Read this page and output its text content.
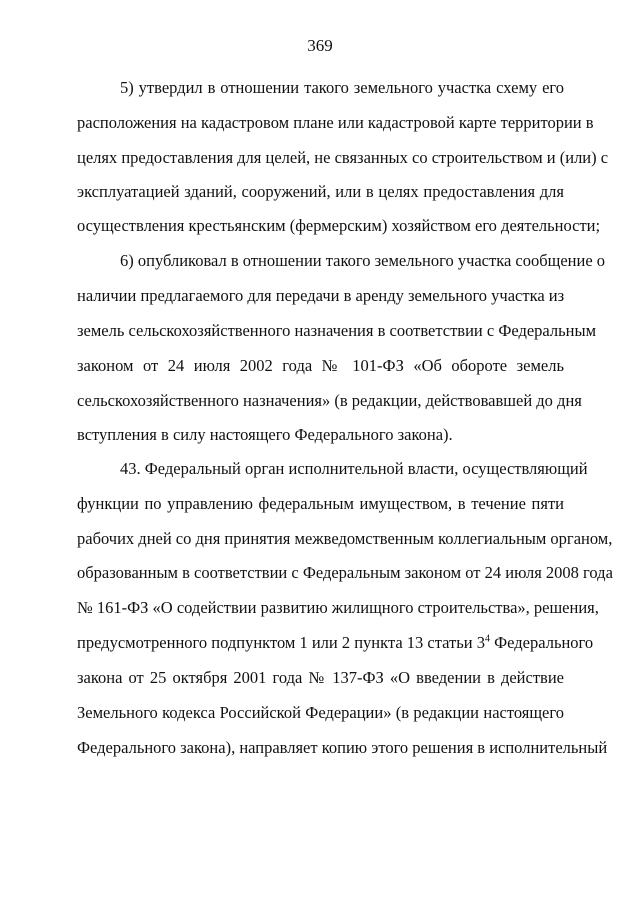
369
5) утвердил в отношении такого земельного участка схему его
расположения на кадастровом плане или кадастровой карте территории в
целях предоставления для целей, не связанных со строительством и (или) с
эксплуатацией зданий, сооружений, или в целях предоставления для
осуществления крестьянским (фермерским) хозяйством его деятельности;
6) опубликовал в отношении такого земельного участка сообщение о
наличии предлагаемого для передачи в аренду земельного участка из
земель сельскохозяйственного назначения в соответствии с Федеральным
законом от 24 июля 2002 года № 101-ФЗ «Об обороте земель
сельскохозяйственного назначения» (в редакции, действовавшей до дня
вступления в силу настоящего Федерального закона).
43. Федеральный орган исполнительной власти, осуществляющий
функции по управлению федеральным имуществом, в течение пяти
рабочих дней со дня принятия межведомственным коллегиальным органом,
образованным в соответствии с Федеральным законом от 24 июля 2008 года
№ 161-ФЗ «О содействии развитию жилищного строительства», решения,
предусмотренного подпунктом 1 или 2 пункта 13 статьи $3^4$ Федерального
закона от 25 октября 2001 года № 137-ФЗ «О введении в действие
Земельного кодекса Российской Федерации» (в редакции настоящего
Федерального закона), направляет копию этого решения в исполнительный
